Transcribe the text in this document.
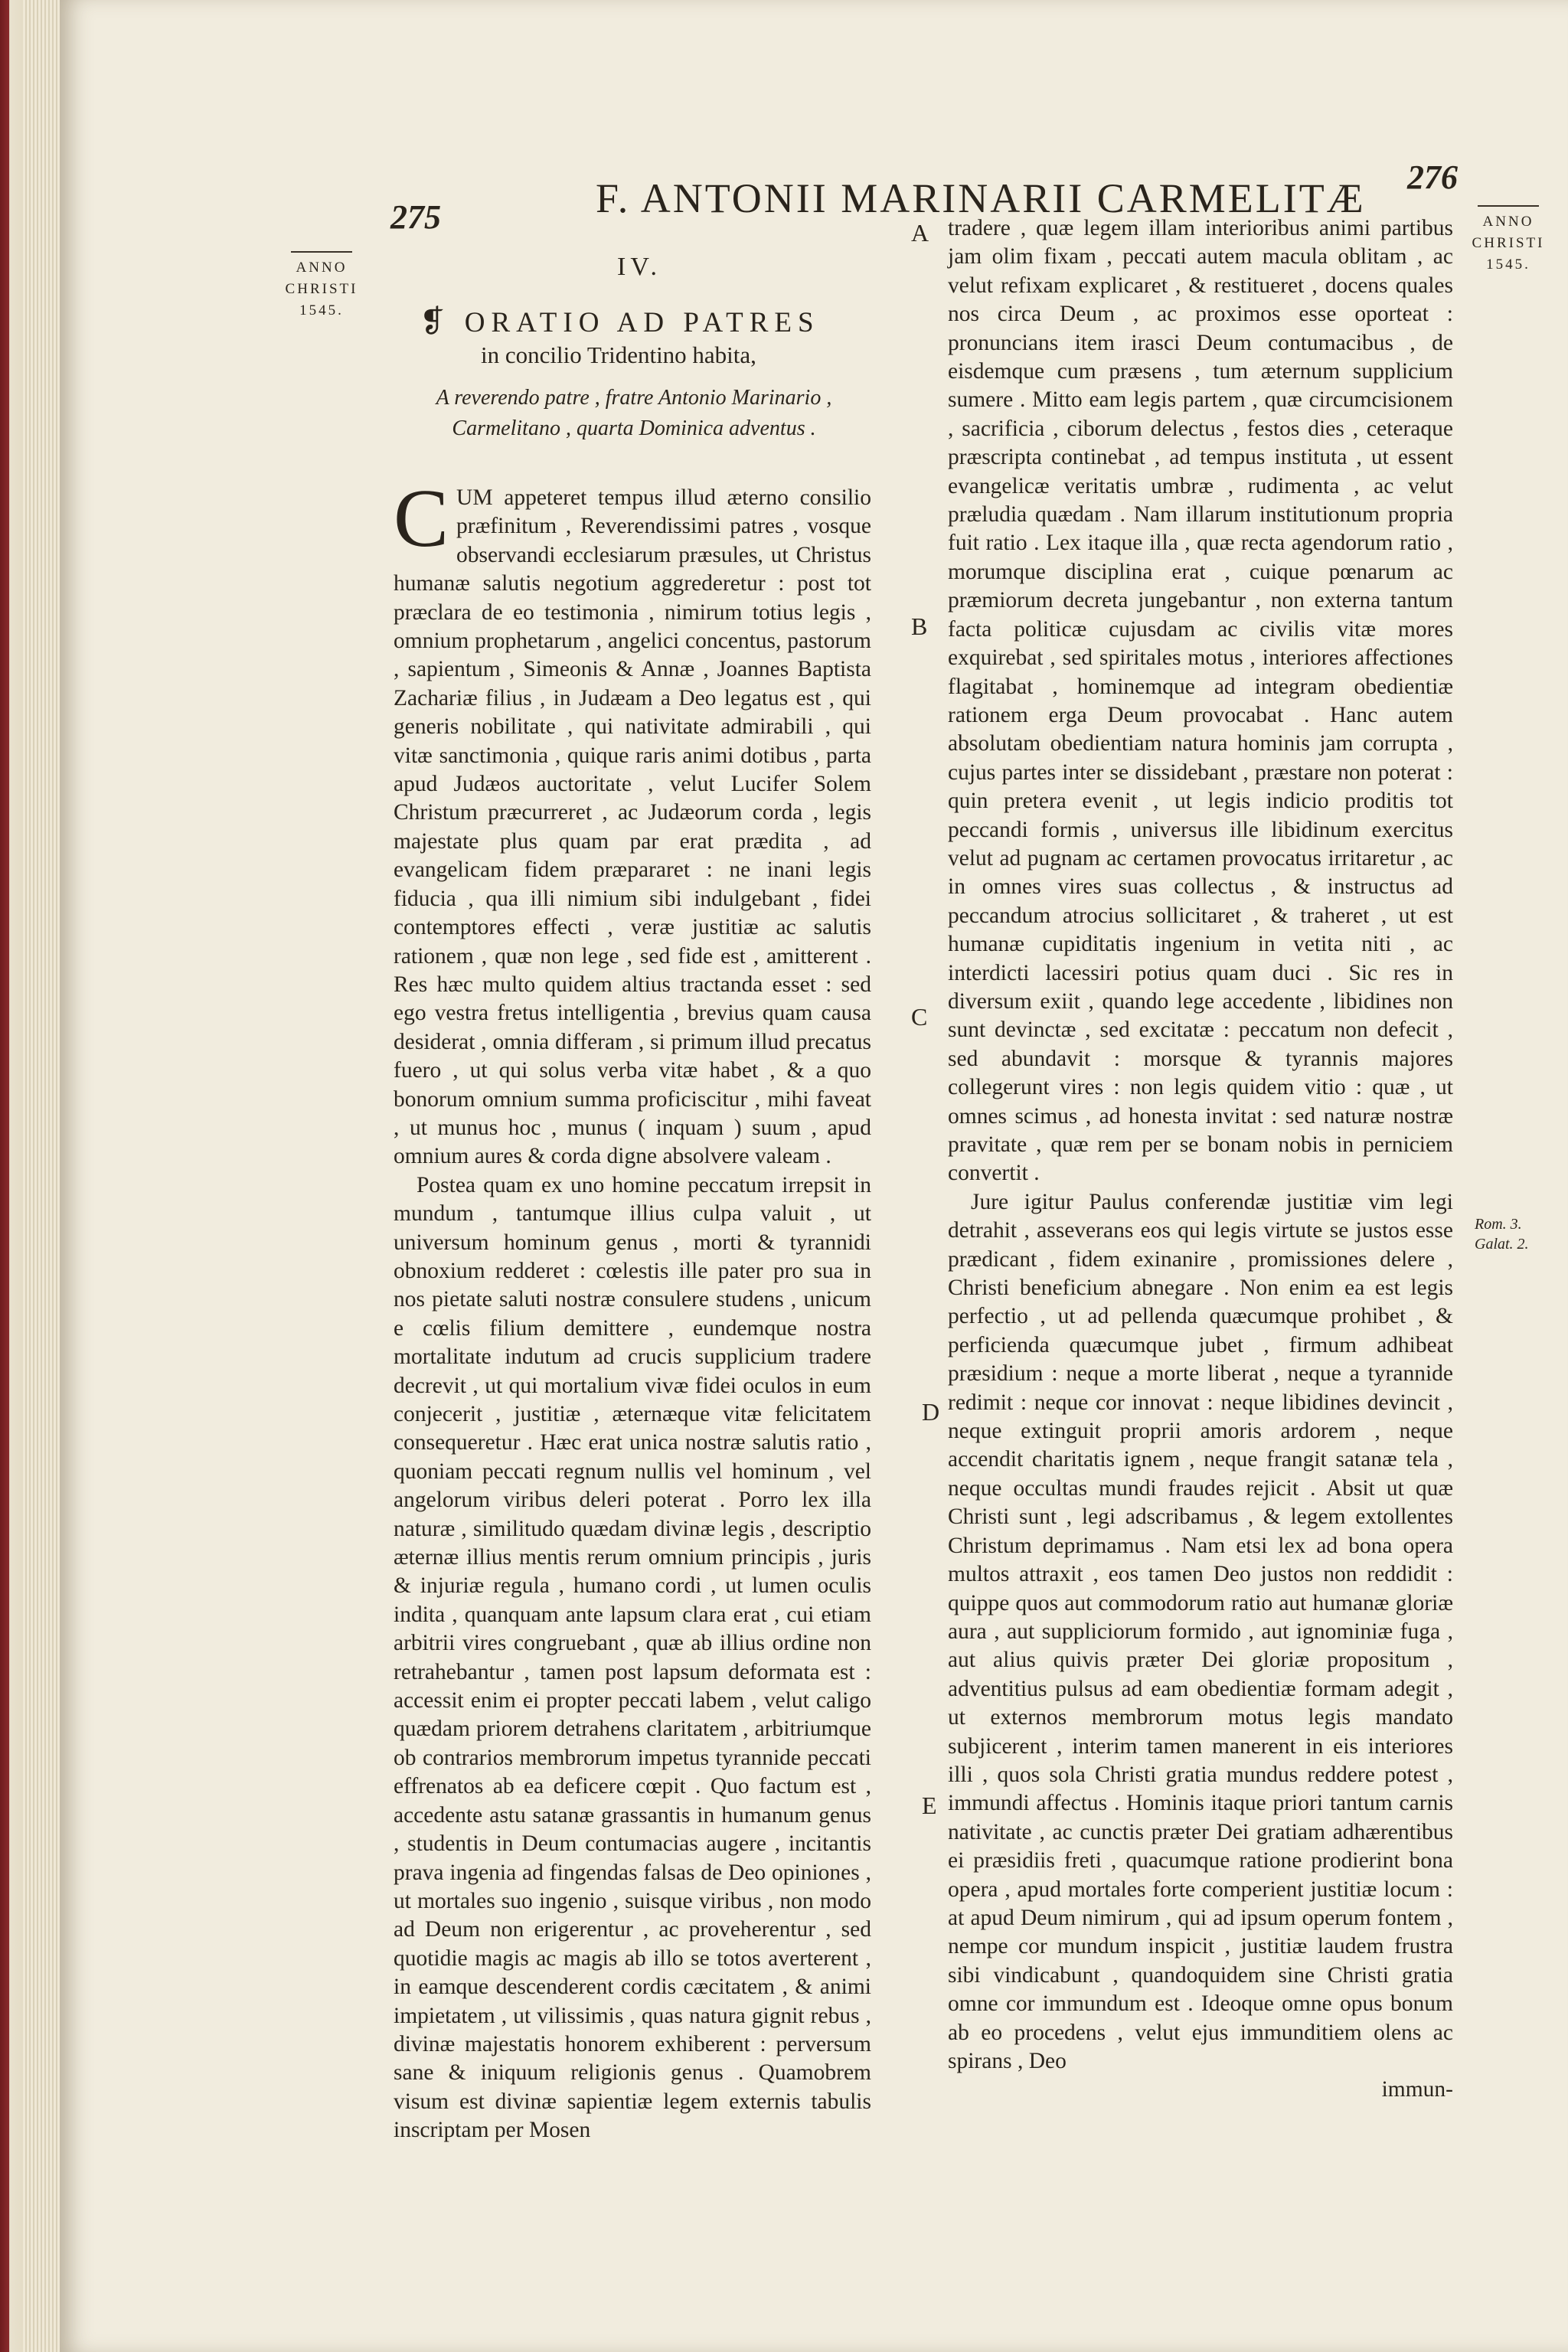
275	F. ANTONII MARINARII CARMELITÆ 276
ANNO
CHRISTI
1545.
ANNO
CHRISTI
1545.
Rom. 3.
Galat. 2.
IV.
❡ ORATIO AD PATRES
in concilio Tridentino habita,
A reverendo patre , fratre Antonio Marinario , Carmelitano , quarta Dominica adventus .

CUM appeteret tempus illud æterno consilio præfinitum , Reverendissimi patres , vosque observandi ecclesiarum præsules, ut Christus humanæ salutis negotium aggrederetur : post tot præclara de eo testimonia , nimirum totius legis , omnium prophetarum , angelici concentus, pastorum , sapientum , Simeonis & Annæ , Joannes Baptista Zachariæ filius , in Judæam a Deo legatus est , qui generis nobilitate , qui nativitate admirabili , qui vitæ sanctimonia , quique raris animi dotibus , parta apud Judæos auctoritate , velut Lucifer Solem Christum præcurreret , ac Judæorum corda , legis majestate plus quam par erat prædita , ad evangelicam fidem præpararet : ne inani legis fiducia , qua illi nimium sibi indulgebant , fidei contemptores effecti , veræ justitiæ ac salutis rationem , quæ non lege , sed fide est , amitterent . Res hæc multo quidem altius tractanda esset : sed ego vestra fretus intelligentia , brevius quam causa desiderat , omnia differam , si primum illud precatus fuero , ut qui solus verba vitæ habet , & a quo bonorum omnium summa proficiscitur , mihi faveat , ut munus hoc , munus ( inquam ) suum , apud omnium aures & corda digne absolvere valeam .

Postea quam ex uno homine peccatum irrepsit in mundum , tantumque illius culpa valuit , ut universum hominum genus , morti & tyrannidi obnoxium redderet : cœlestis ille pater pro sua in nos pietate saluti nostræ consulere studens , unicum e cœlis filium demittere , eundemque nostra mortalitate indutum ad crucis supplicium tradere decrevit , ut qui mortalium vivæ fidei oculos in eum conjecerit , justitiæ , æternæque vitæ felicitatem consequeretur . Hæc erat unica nostræ salutis ratio , quoniam peccati regnum nullis vel hominum , vel angelorum viribus deleri poterat . Porro lex illa naturæ , similitudo quædam divinæ legis , descriptio æternæ illius mentis rerum omnium principis , juris & injuriæ regula , humano cordi , ut lumen oculis indita , quanquam ante lapsum clara erat , cui etiam arbitrii vires congruebant , quæ ab illius ordine non retrahebantur , tamen post lapsum deformata est : accessit enim ei propter peccati labem , velut caligo quædam priorem detrahens claritatem , arbitriumque ob contrarios membrorum impetus tyrannide peccati effrenatos ab ea deficere cœpit . Quo factum est , accedente astu satanæ grassantis in humanum genus , studentis in Deum contumacias augere , incitantis prava ingenia ad fingendas falsas de Deo opiniones , ut mortales suo ingenio , suisque viribus , non modo ad Deum non erigerentur , ac proveherentur , sed quotidie magis ac magis ab illo se totos averterent , in eamque descenderent cordis cæcitatem , & animi impietatem , ut vilissimis , quas natura gignit rebus , divinæ majestatis honorem exhiberent : perversum sane & iniquum religionis genus . Quamobrem visum est divinæ sapientiæ legem externis tabulis inscriptam per Mosen

tradere , quæ legem illam interioribus animi partibus jam olim fixam , peccati autem macula oblitam , ac velut refixam explicaret , & restitueret , docens quales nos circa Deum , ac proximos esse oporteat : pronuncians item irasci Deum contumacibus , de eisdemque cum præsens , tum æternum supplicium sumere . Mitto eam legis partem , quæ circumcisionem , sacrificia , ciborum delectus , festos dies , ceteraque præscripta continebat , ad tempus instituta , ut essent evangelicæ veritatis umbræ , rudimenta , ac velut præludia quædam . Nam illarum institutionum propria fuit ratio . Lex itaque illa , quæ recta agendorum ratio , morumque disciplina erat , cuique pœnarum ac præmiorum decreta jungebantur , non externa tantum facta politicæ cujusdam ac civilis vitæ mores exquirebat , sed spiritales motus , interiores affectiones flagitabat , hominemque ad integram obedientiæ rationem erga Deum provocabat . Hanc autem absolutam obedientiam natura hominis jam corrupta , cujus partes inter se dissidebant , præstare non poterat : quin pretera evenit , ut legis indicio proditis tot peccandi formis , universus ille libidinum exercitus velut ad pugnam ac certamen provocatus irritaretur , ac in omnes vires suas collectus , & instructus ad peccandum atrocius sollicitaret , & traheret , ut est humanæ cupiditatis ingenium in vetita niti , ac interdicti lacessiri potius quam duci . Sic res in diversum exiit , quando lege accedente , libidines non sunt devinctæ , sed excitatæ : peccatum non defecit , sed abundavit : morsque & tyrannis majores collegerunt vires : non legis quidem vitio : quæ , ut omnes scimus , ad honesta invitat : sed naturæ nostræ pravitate , quæ rem per se bonam nobis in perniciem convertit .

Jure igitur Paulus conferendæ justitiæ vim legi detrahit , asseverans eos qui legis virtute se justos esse prædicant , fidem exinanire , promissiones delere , Christi beneficium abnegare . Non enim ea est legis perfectio , ut ad pellenda quæcumque prohibet , & perficienda quæcumque jubet , firmum adhibeat præsidium : neque a morte liberat , neque a tyrannide redimit : neque cor innovat : neque libidines devincit , neque extinguit proprii amoris ardorem , neque accendit charitatis ignem , neque frangit satanæ tela , neque occultas mundi fraudes rejicit . Absit ut quæ Christi sunt , legi adscribamus , & legem extollentes Christum deprimamus . Nam etsi lex ad bona opera multos attraxit , eos tamen Deo justos non reddidit : quippe quos aut commodorum ratio aut humanæ gloriæ aura , aut suppliciorum formido , aut ignominiæ fuga , aut alius quivis præter Dei gloriæ propositum , adventitius pulsus ad eam obedientiæ formam adegit , ut externos membrorum motus legis mandato subjicerent , interim tamen manerent in eis interiores illi , quos sola Christi gratia mundus reddere potest , immundi affectus . Hominis itaque priori tantum carnis nativitate , ac cunctis præter Dei gratiam adhærentibus ei præsidiis freti , quacumque ratione prodierint bona opera , apud mortales forte comperient justitiæ locum : at apud Deum nimirum , qui ad ipsum operum fontem , nempe cor mundum inspicit , justitiæ laudem frustra sibi vindicabunt , quandoquidem sine Christi gratia omne cor immundum est . Ideoque omne opus bonum ab eo procedens , velut ejus immunditiem olens ac spirans , Deo

immun-

A
B
C
D
E
